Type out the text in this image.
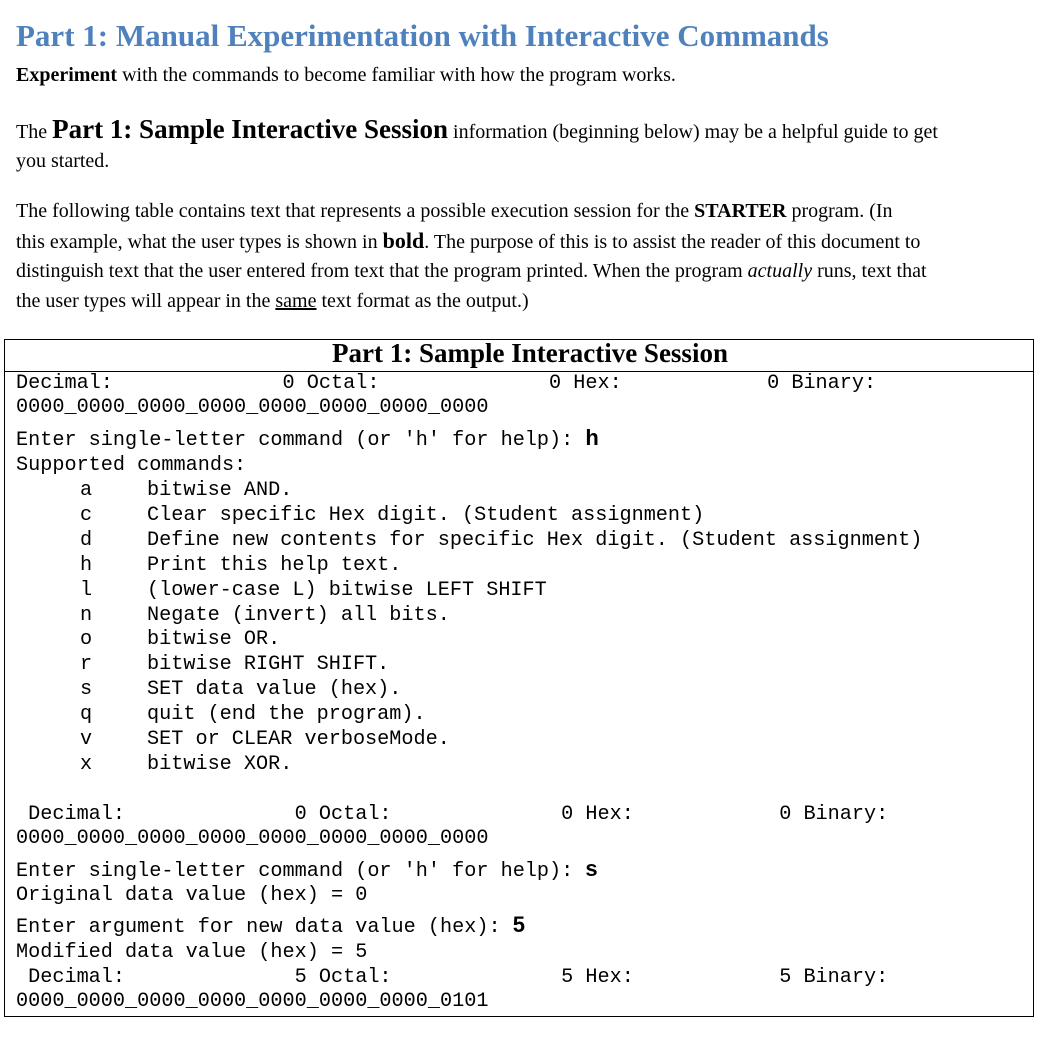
Part 1: Manual Experimentation with Interactive Commands
Experiment with the commands to become familiar with how the program works.
The Part 1: Sample Interactive Session information (beginning below) may be a helpful guide to get
you started.
The following table contains text that represents a possible execution session for the STARTER program. (In
this example, what the user types is shown in bold. The purpose of this is to assist the reader of this document to
distinguish text that the user entered from text that the program printed. When the program actually runs, text that
the user types will appear in the same text format as the output.)
Part 1: Sample Interactive Session
Decimal:              0 Octal:              0 Hex:            0 Binary:
0000_0000_0000_0000_0000_0000_0000_0000
Enter single-letter command (or 'h' for help): h
Supported commands:
a	bitwise AND.
c	Clear specific Hex digit. (Student assignment)
d	Define new contents for specific Hex digit. (Student assignment)
h	Print this help text.
l	(lower-case L) bitwise LEFT SHIFT
n	Negate (invert) all bits.
o	bitwise OR.
r	bitwise RIGHT SHIFT.
s	SET data value (hex).
q	quit (end the program).
v	SET or CLEAR verboseMode.
x	bitwise XOR.
Decimal:              0 Octal:              0 Hex:            0 Binary:
0000_0000_0000_0000_0000_0000_0000_0000
Enter single-letter command (or 'h' for help): s
Original data value (hex) = 0
Enter argument for new data value (hex): 5
Modified data value (hex) = 5
Decimal:              5 Octal:              5 Hex:            5 Binary:
0000_0000_0000_0000_0000_0000_0000_0101
